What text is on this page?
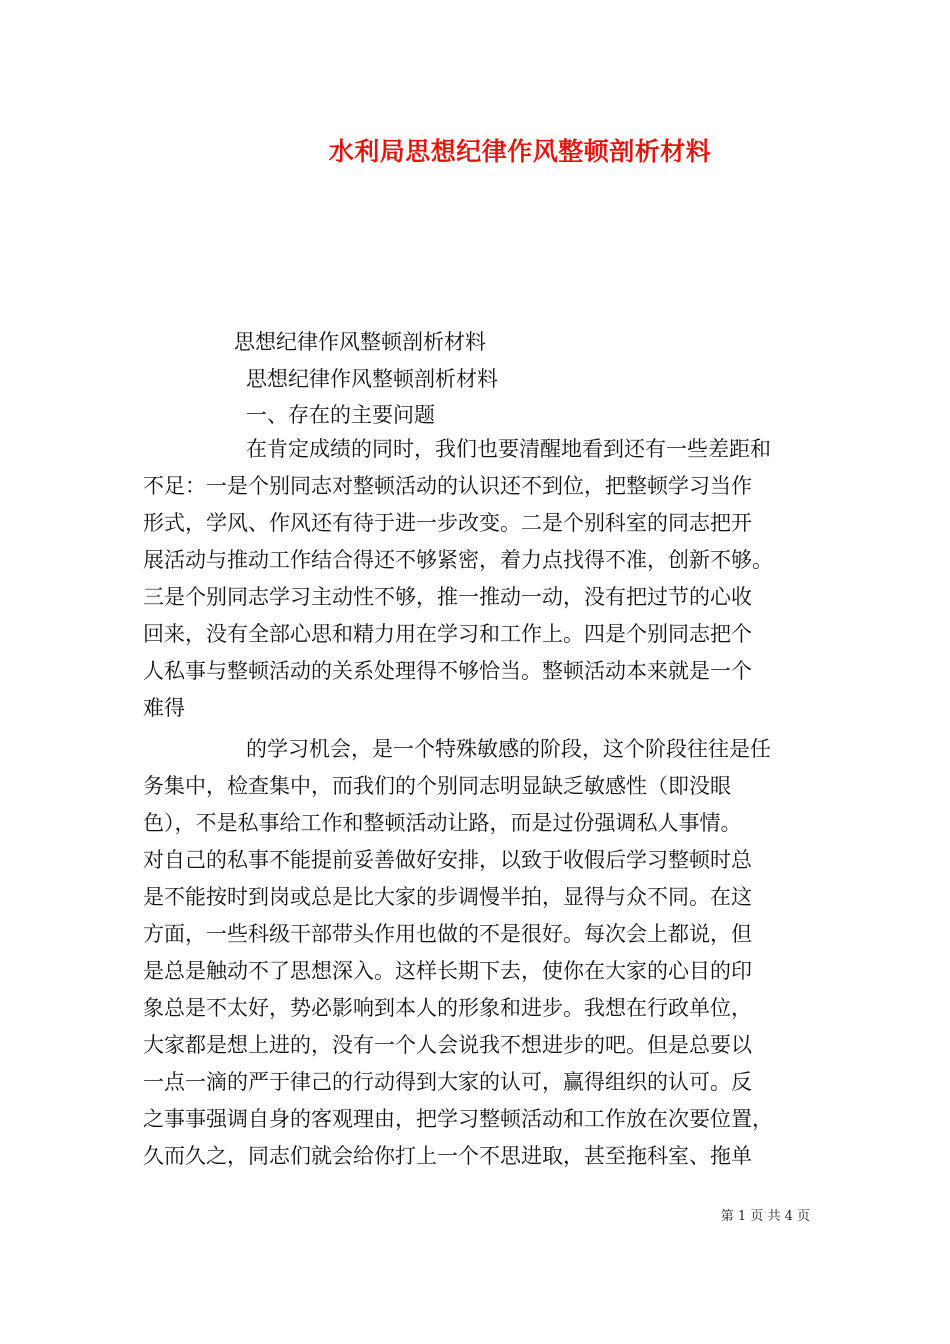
水利局思想纪律作风整顿剖析材料
思想纪律作风整顿剖析材料
思想纪律作风整顿剖析材料
一、存在的主要问题
在肯定成绩的同时，我们也要清醒地看到还有一些差距和
不足：一是个别同志对整顿活动的认识还不到位，把整顿学习当作
形式，学风、作风还有待于进一步改变。二是个别科室的同志把开
展活动与推动工作结合得还不够紧密，着力点找得不准，创新不够。
三是个别同志学习主动性不够，推一推动一动，没有把过节的心收
回来，没有全部心思和精力用在学习和工作上。四是个别同志把个
人私事与整顿活动的关系处理得不够恰当。整顿活动本来就是一个
难得
的学习机会，是一个特殊敏感的阶段，这个阶段往往是任
务集中，检查集中，而我们的个别同志明显缺乏敏感性（即没眼
色），不是私事给工作和整顿活动让路，而是过份强调私人事情。
对自己的私事不能提前妥善做好安排，以致于收假后学习整顿时总
是不能按时到岗或总是比大家的步调慢半拍，显得与众不同。在这
方面，一些科级干部带头作用也做的不是很好。每次会上都说，但
是总是触动不了思想深入。这样长期下去，使你在大家的心目的印
象总是不太好，势必影响到本人的形象和进步。我想在行政单位，
大家都是想上进的，没有一个人会说我不想进步的吧。但是总要以
一点一滴的严于律己的行动得到大家的认可，赢得组织的认可。反
之事事强调自身的客观理由，把学习整顿活动和工作放在次要位置，
久而久之，同志们就会给你打上一个不思进取，甚至拖科室、拖单
第 1 页 共 4 页
